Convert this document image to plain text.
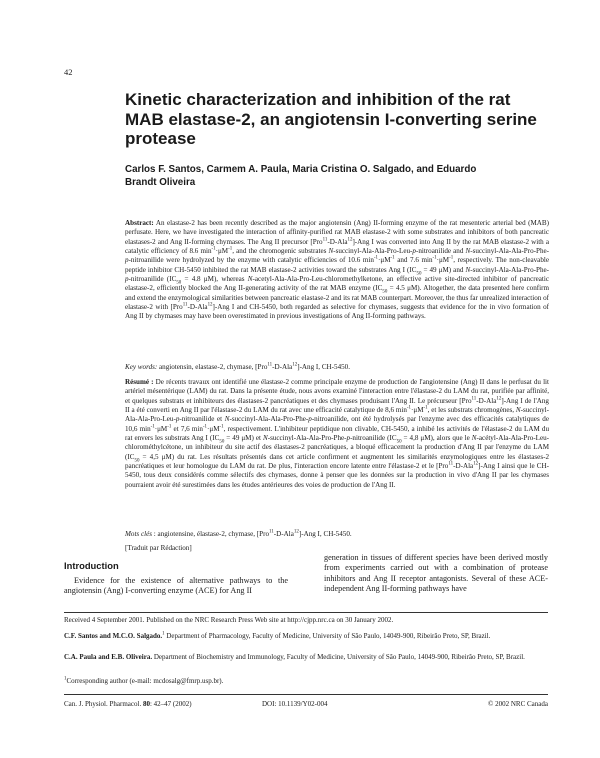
42
Kinetic characterization and inhibition of the rat MAB elastase-2, an angiotensin I-converting serine protease

Carlos F. Santos, Carmem A. Paula, Maria Cristina O. Salgado, and Eduardo Brandt Oliveira

Abstract: An elastase-2 has been recently described as the major angiotensin (Ang) II-forming enzyme of the rat mesenteric arterial bed (MAB) perfusate. Here, we have investigated the interaction of affinity-purified rat MAB elastase-2 with some substrates and inhibitors of both pancreatic elastases-2 and Ang II-forming chymases. The Ang II precursor [Pro$^{11}$-D-Ala$^{12}$]-Ang I was converted into Ang II by the rat MAB elastase-2 with a catalytic efficiency of 8.6 $\min^{-1}\cdot\mu M^{-1}$, and the chromogenic substrates N-succinyl-Ala-Ala-Pro-Leu-p-nitroanilide and N-succinyl-Ala-Ala-Pro-Phe-p-nitroanilide were hydrolyzed by the enzyme with catalytic efficiencies of 10.6 $\min^{-1}\cdot\mu M^{-1}$ and 7.6 $\min^{-1}\cdot\mu M^{-1}$, respectively. The non-cleavable peptide inhibitor CH-5450 inhibited the rat MAB elastase-2 activities toward the substrates Ang I ($IC_{50} = 49$ μM) and N-succinyl-Ala-Ala-Pro-Phe-p-nitroanilide ($IC_{50} = 4.8$ μM), whereas N-acetyl-Ala-Ala-Pro-Leu-chloromethylketone, an effective active site-directed inhibitor of pancreatic elastase-2, efficiently blocked the Ang II-generating activity of the rat MAB enzyme ($IC_{50} = 4.5$ μM). Altogether, the data presented here confirm and extend the enzymological similarities between pancreatic elastase-2 and its rat MAB counterpart. Moreover, the thus far unrealized interaction of elastase-2 with [Pro$^{11}$-D-Ala$^{12}$]-Ang I and CH-5450, both regarded as selective for chymases, suggests that evidence for the in vivo formation of Ang II by chymases may have been overestimated in previous investigations of Ang II-forming pathways.

Key words: angiotensin, elastase-2, chymase, [Pro$^{11}$-D-Ala$^{12}$]-Ang I, CH-5450.

Résumé : De récents travaux ont identifié une élastase-2 comme principale enzyme de production de l'angiotensine (Ang) II dans le perfusat du lit artériel mésentérique (LAM) du rat. Dans la présente étude, nous avons examiné l'interaction entre l'élastase-2 du LAM du rat, purifiée par affinité, et quelques substrats et inhibiteurs des élastases-2 pancréatiques et des chymases produisant l'Ang II. Le précurseur [Pro$^{11}$-D-Ala$^{12}$]-Ang I de l'Ang II a été converti en Ang II par l'élastase-2 du LAM du rat avec une efficacité catalytique de 8,6 $\min^{-1}\cdot\mu M^{-1}$, et les substrats chromogènes, N-succinyl-Ala-Ala-Pro-Leu-p-nitroanilide et N-succinyl-Ala-Ala-Pro-Phe-p-nitroanilide, ont été hydrolysés par l'enzyme avec des efficacités catalytiques de 10,6 $\min^{-1}\cdot\mu M^{-1}$ et 7,6 $\min^{-1}\cdot\mu M^{-1}$, respectivement. L'inhibiteur peptidique non clivable, CH-5450, a inhibé les activités de l'élastase-2 du LAM du rat envers les substrats Ang I ($IC_{50} = 49$ μM) et N-succinyl-Ala-Ala-Pro-Phe-p-nitroanilide ($IC_{50} = 4,8$ μM), alors que le N-acétyl-Ala-Ala-Pro-Leu-chlorométhylcétone, un inhibiteur du site actif des élastases-2 pancréatiques, a bloqué efficacement la production d'Ang II par l'enzyme du LAM ($IC_{50} = 4,5$ μM) du rat. Les résultats présentés dans cet article confirment et augmentent les similarités enzymologiques entre les élastases-2 pancréatiques et leur homologue du LAM du rat. De plus, l'interaction encore latente entre l'élastase-2 et le [Pro$^{11}$-D-Ala$^{12}$]-Ang I ainsi que le CH-5450, tous deux considérés comme sélectifs des chymases, donne à penser que les données sur la production in vivo d'Ang II par les chymases pourraient avoir été surestimées dans les études antérieures des voies de production de l'Ang II.

Mots clés : angiotensine, élastase-2, chymase, [Pro$^{11}$-D-Ala$^{12}$]-Ang I, CH-5450.

[Traduit par Rédaction]

Introduction

Evidence for the existence of alternative pathways to the angiotensin (Ang) I-converting enzyme (ACE) for Ang II

generation in tissues of different species have been derived mostly from experiments carried out with a combination of protease inhibitors and Ang II receptor antagonists. Several of these ACE-independent Ang II-forming pathways have

Received 4 September 2001. Published on the NRC Research Press Web site at http://cjpp.nrc.ca on 30 January 2002.

C.F. Santos and M.C.O. Salgado.$^1$ Department of Pharmacology, Faculty of Medicine, University of São Paulo, 14049-900, Ribeirão Preto, SP, Brazil.

C.A. Paula and E.B. Oliveira. Department of Biochemistry and Immunology, Faculty of Medicine, University of São Paulo, 14049-900, Ribeirão Preto, SP, Brazil.

$^1$Corresponding author (e-mail: mcdosalg@fmrp.usp.br).

Can. J. Physiol. Pharmacol. 80: 42–47 (2002)	DOI: 10.1139/Y02-004	© 2002 NRC Canada
